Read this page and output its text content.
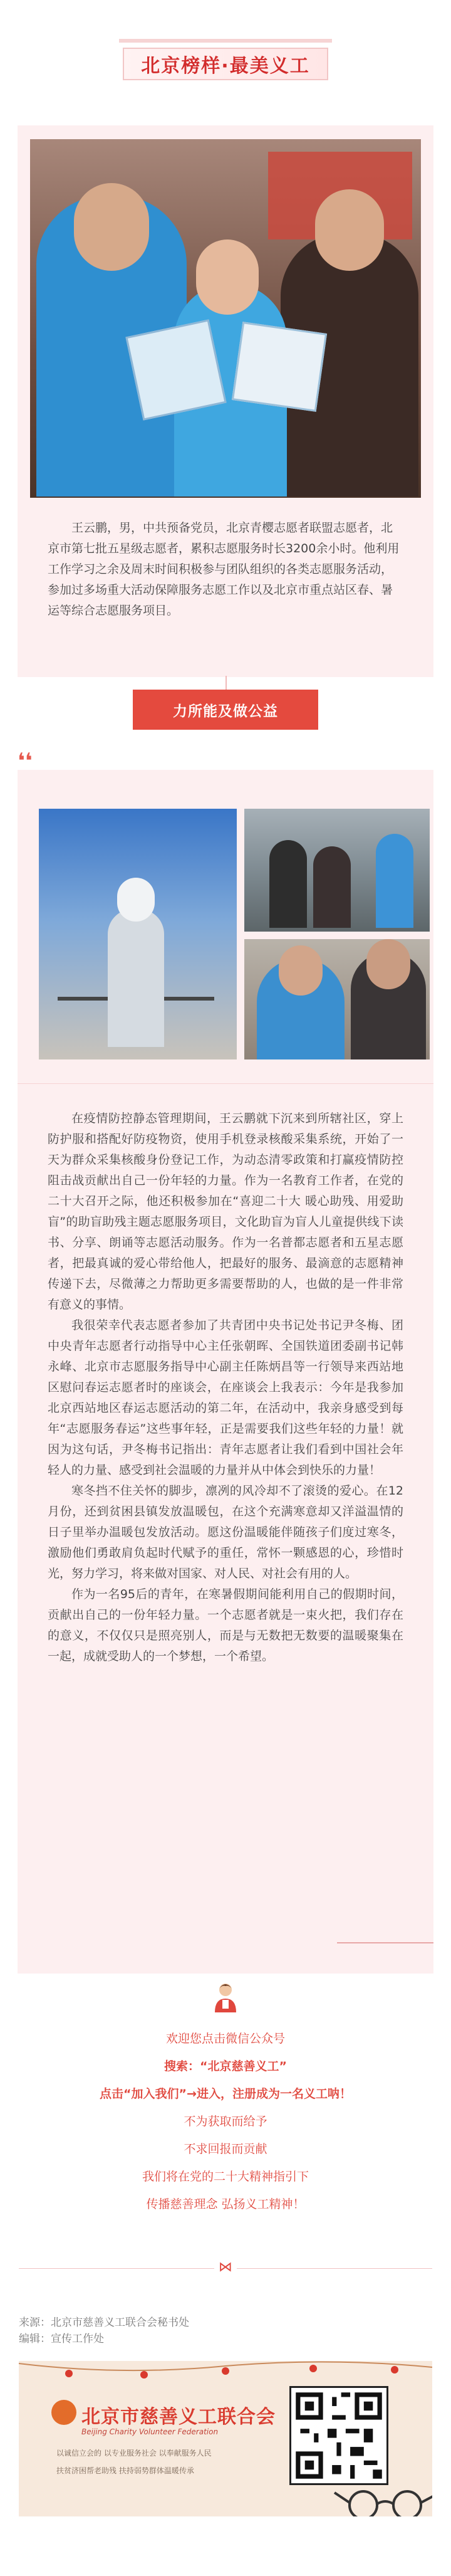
北京榜样·最美义工
王云鹏，男，中共预备党员，北京青樱志愿者联盟志愿者，北京市第七批五星级志愿者，累积志愿服务时长3200余小时。他利用工作学习之余及周末时间积极参与团队组织的各类志愿服务活动，参加过多场重大活动保障服务志愿工作以及北京市重点站区春、暑运等综合志愿服务项目。
力所能及做公益
❛❛

在疫情防控静态管理期间，王云鹏就下沉来到所辖社区，穿上防护服和搭配好防疫物资，使用手机登录核酸采集系统，开始了一天为群众采集核酸身份登记工作，为动态清零政策和打赢疫情防控阻击战贡献出自己一份年轻的力量。作为一名教育工作者，在党的二十大召开之际，他还积极参加在“喜迎二十大 暖心助残、用爱助盲”的助盲助残主题志愿服务项目，文化助盲为盲人儿童提供线下读书、分享、朗诵等志愿活动服务。作为一名普都志愿者和五星志愿者，把最真诚的爱心带给他人，把最好的服务、最滴意的志愿精神传递下去，尽微薄之力帮助更多需要帮助的人，也做的是一件非常有意义的事情。

我很荣幸代表志愿者参加了共青团中央书记处书记尹冬梅、团中央青年志愿者行动指导中心主任张朝晖、全国铁道团委副书记韩永峰、北京市志愿服务指导中心副主任陈炳昌等一行领导来西站地区慰问春运志愿者时的座谈会，在座谈会上我表示：今年是我参加北京西站地区春运志愿活动的第二年，在活动中，我亲身感受到每年“志愿服务春运”这些事年轻，正是需要我们这些年轻的力量！就因为这句话，尹冬梅书记指出：青年志愿者让我们看到中国社会年轻人的力量、感受到社会温暖的力量并从中体会到快乐的力量！

寒冬挡不住关怀的脚步，凛冽的风冷却不了滚烫的爱心。在12月份，还到贫困县镇发放温暖包，在这个充满寒意却又洋溢温情的日子里举办温暖包发放活动。愿这份温暖能伴随孩子们度过寒冬，激励他们勇敢肩负起时代赋予的重任，常怀一颗感恩的心，珍惜时光，努力学习，将来做对国家、对人民、对社会有用的人。

作为一名95后的青年，在寒暑假期间能利用自己的假期时间，贡献出自己的一份年轻力量。一个志愿者就是一束火把，我们存在的意义，不仅仅只是照亮别人，而是与无数把无数要的温暖聚集在一起，成就受助人的一个梦想，一个希望。

欢迎您点击微信公众号
搜索：“北京慈善义工”
点击“加入我们”→进入，注册成为一名义工呐！
不为获取而给予
不求回报而贡献
我们将在党的二十大精神指引下
传播慈善理念 弘扬义工精神！
⋈
来源：北京市慈善义工联合会秘书处
编辑：宣传工作处
北京市慈善义工联合会
Beijing Charity Volunteer Federation
以诚信立会的 以专业服务社会 以奉献服务人民
扶贫济困帮老助残 扶持弱势群体温暖传承
